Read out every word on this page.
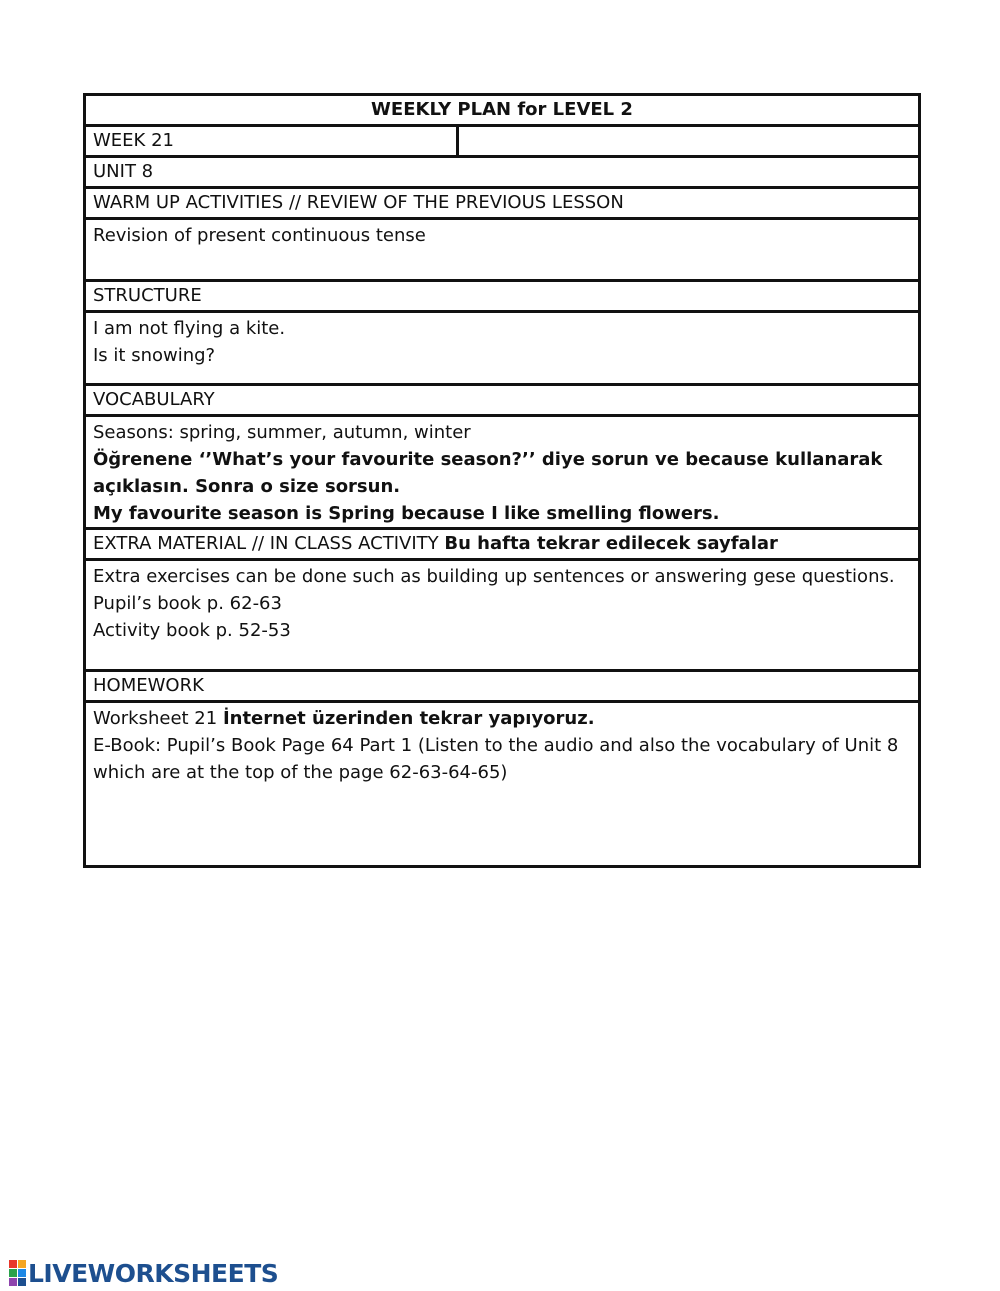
WEEKLY PLAN for LEVEL 2
WEEK 21
UNIT 8
WARM UP ACTIVITIES // REVIEW OF THE PREVIOUS LESSON
Revision of present continuous tense
STRUCTURE
I am not flying a kite.
Is it snowing?
VOCABULARY
Seasons: spring, summer, autumn, winter
Öğrenene ‘’What’s your favourite season?’’ diye sorun ve because kullanarak
açıklasın. Sonra o size sorsun.
My favourite season is Spring because I like smelling flowers.
EXTRA MATERIAL // IN CLASS ACTIVITY Bu hafta tekrar edilecek sayfalar
Extra exercises can be done such as building up sentences or answering gese questions.
Pupil’s book p. 62-63
Activity book p. 52-53
HOMEWORK
Worksheet 21 İnternet üzerinden tekrar yapıyoruz.
E-Book: Pupil’s Book Page 64 Part 1 (Listen to the audio and also the vocabulary of Unit 8
which are at the top of the page 62-63-64-65)
LIVEWORKSHEETS
